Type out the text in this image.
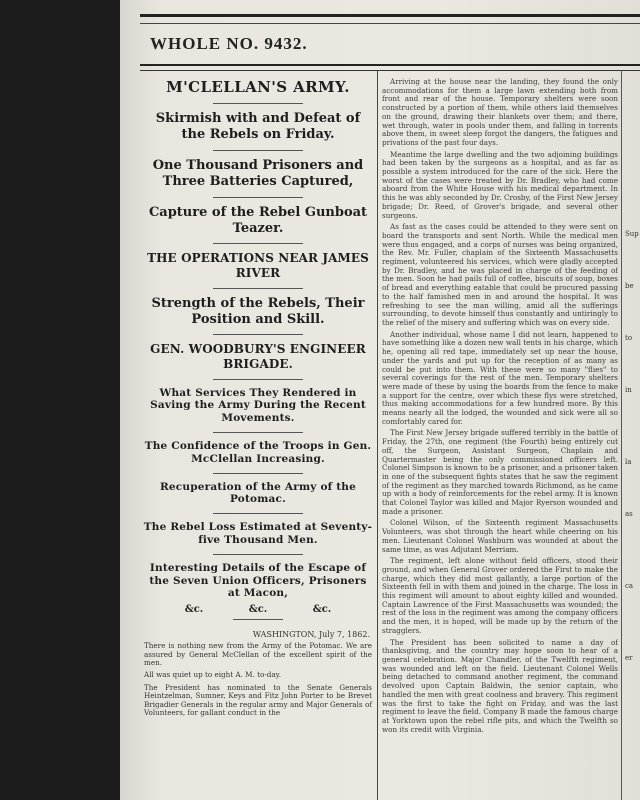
WHOLE NO. 9432.

M'CLELLAN'S ARMY.

Skirmish with and Defeat of the Rebels on Friday.

One Thousand Prisoners and Three Batteries Captured,

Capture of the Rebel Gunboat Teazer.

THE OPERATIONS NEAR JAMES RIVER

Strength of the Rebels, Their Position and Skill.

GEN. WOODBURY'S ENGINEER BRIGADE.

What Services They Rendered in Saving the Army During the Recent Movements.

The Confidence of the Troops in Gen. McClellan Increasing.

Recuperation of the Army of the Potomac.

The Rebel Loss Estimated at Seventy-five Thousand Men.

Interesting Details of the Escape of the Seven Union Officers, Prisoners at Macon,

&c.	&c.	&c.

WASHINGTON, July 7, 1862.

There is nothing new from the Army of the Potomac. We are assured by General McClellan of the excellent spirit of the men.

All was quiet up to eight A. M. to-day.

The President has nominated to the Senate Generals Heintzelman, Sumner, Keys and Fitz John Porter to be Brevet Brigadier Generals in the regular army and Major Generals of Volunteers, for gallant conduct in the

Arriving at the house near the landing, they found the only accommodations for them a large lawn extending both from front and rear of the house. Temporary shelters were soon constructed by a portion of them, while others laid themselves on the ground, drawing their blankets over them; and there, wet through, water in pools under them, and falling in torrents above them, in sweet sleep forgot the dangers, the fatigues and privations of the past four days.

Meantime the large dwelling and the two adjoining buildings had been taken by the surgeons as a hospital, and as far as possible a system introduced for the care of the sick. Here the worst of the cases were treated by Dr. Bradley, who had come aboard from the White House with his medical department. In this he was ably seconded by Dr. Crosby, of the First New Jersey brigade; Dr. Reed, of Grover's brigade, and several other surgeons.

As fast as the cases could be attended to they were sent on board the transports and sent North. While the medical men were thus engaged, and a corps of nurses was being organized, the Rev. Mr. Fuller, chaplain of the Sixteenth Massachusetts regiment, volunteered his services, which were gladly accepted by Dr. Bradley, and he was placed in charge of the feeding of the men. Soon he had pails full of coffee, biscuits of soup, boxes of bread and everything eatable that could be procured passing to the half famished men in and around the hospital. It was refreshing to see the man willing, amid all the sufferings surrounding, to devote himself thus constantly and untiringly to the relief of the misery and suffering which was on every side.

Another individual, whose name I did not learn, happened to have something like a dozen new wall tents in his charge, which he, opening all red tape, immediately set up near the house, under the yards and put up for the reception of as many as could be put into them. With these were so many "flies" to several coverings for the rest of the men. Temporary shelters were made of these by using the boards from the fence to make a support for the centre, over which these flys were stretched, thus making accommodations for a few hundred more. By this means nearly all the lodged, the wounded and sick were all so comfortably cared for.

The First New Jersey brigade suffered terribly in the battle of Friday, the 27th, one regiment (the Fourth) being entirely cut off, the Surgeon, Assistant Surgeon, Chaplain and Quartermaster being the only commissioned officers left. Colonel Simpson is known to be a prisoner, and a prisoner taken in one of the subsequent fights states that he saw the regiment of the regiment as they marched towards Richmond, as he came up with a body of reinforcements for the rebel army. It is known that Colonel Taylor was killed and Major Ryerson wounded and made a prisoner.

Colonel Wilson, of the Sixteenth regiment Massachusetts Volunteers, was shot through the heart while cheering on his men. Lieutenant Colonel Washburn was wounded at about the same time, as was Adjutant Merriam.

The regiment, left alone without field officers, stood their ground, and when General Grover ordered the First to make the charge, which they did most gallantly, a large portion of the Sixteenth fell in with them and joined in the charge. The loss in this regiment will amount to about eighty killed and wounded. Captain Lawrence of the First Massachusetts was wounded; the rest of the loss in the regiment was among the company officers and the men, it is hoped, will be made up by the return of the stragglers.

The President has been solicited to name a day of thanksgiving, and the country may hope soon to hear of a general celebration. Major Chandler, of the Twelfth regiment, was wounded and left on the field. Lieutenant Colonel Wells being detached to command another regiment, the command devolved upon Captain Baldwin, the senior captain, who handled the men with great coolness and bravery. This regiment was the first to take the fight on Friday, and was the last regiment to leave the field. Company B made the famous charge at Yorktown upon the rebel rifle pits, and which the Twelfth so won its credit with Virginia.

Sup
be
to
in
la
as
ca
er
